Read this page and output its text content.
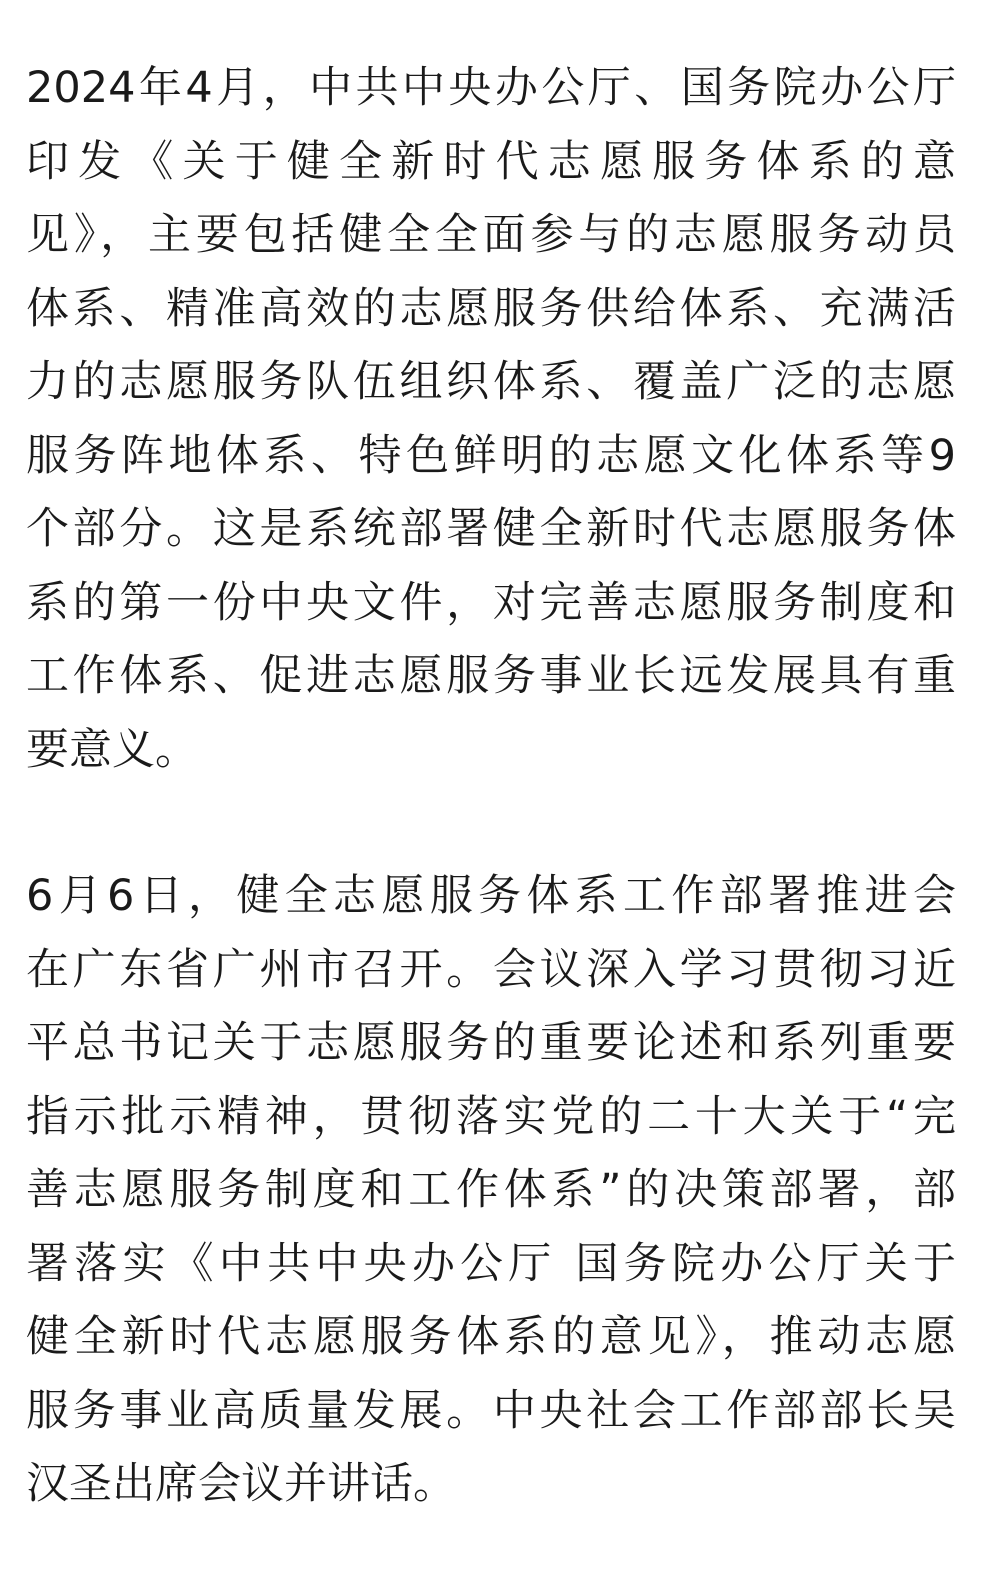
2024年4月，中共中央办公厅、国务院办公厅
印发《关于健全新时代志愿服务体系的意
见》，主要包括健全全面参与的志愿服务动员
体系、精准高效的志愿服务供给体系、充满活
力的志愿服务队伍组织体系、覆盖广泛的志愿
服务阵地体系、特色鲜明的志愿文化体系等9
个部分。这是系统部署健全新时代志愿服务体
系的第一份中央文件，对完善志愿服务制度和
工作体系、促进志愿服务事业长远发展具有重
要意义。

6月6日，健全志愿服务体系工作部署推进会
在广东省广州市召开。会议深入学习贯彻习近
平总书记关于志愿服务的重要论述和系列重要
指示批示精神，贯彻落实党的二十大关于“完
善志愿服务制度和工作体系”的决策部署，部
署落实《中共中央办公厅 国务院办公厅关于
健全新时代志愿服务体系的意见》，推动志愿
服务事业高质量发展。中央社会工作部部长吴
汉圣出席会议并讲话。
